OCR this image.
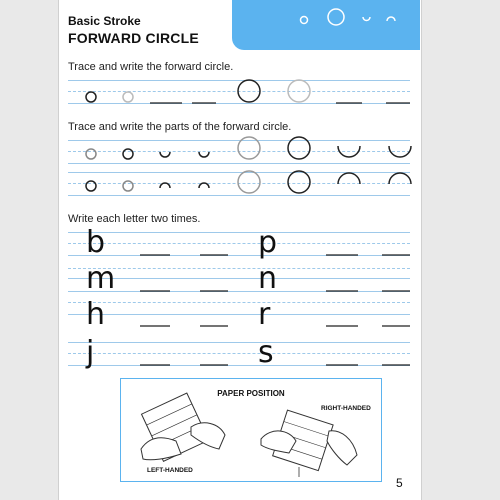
Basic Stroke
FORWARD CIRCLE
Trace and write the forward circle.
Trace and write the parts of the forward circle.
Write each letter two times.
b
m
h
j
p
n
r
s
PAPER POSITION
LEFT-HANDED
RIGHT-HANDED
5
